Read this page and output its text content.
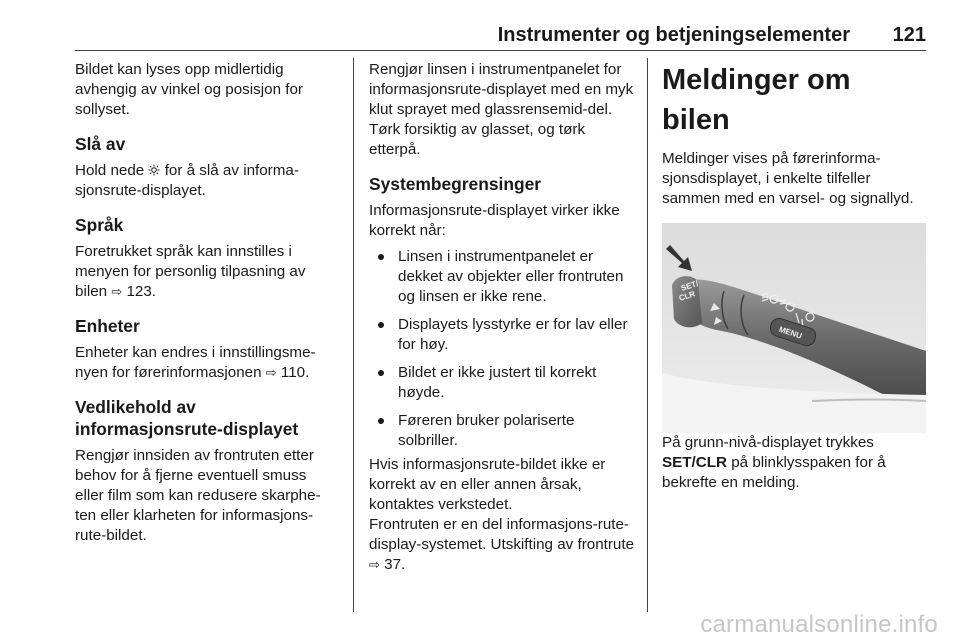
Instrumenter og betjeningselementer	121

Bildet kan lyses opp midlertidig avhengig av vinkel og posisjon for sollyset.

Slå av

Hold nede  for å slå av informa-sjonsrute-displayet.

Språk

Foretrukket språk kan innstilles i menyen for personlig tilpasning av bilen ⇨ 123.

Enheter

Enheter kan endres i innstillingsme-nyen for førerinformasjonen ⇨ 110.

Vedlikehold av informasjonsrute-displayet

Rengjør innsiden av frontruten etter behov for å fjerne eventuell smuss eller film som kan redusere skarphe-ten eller klarheten for informasjons-rute-bildet.

Rengjør linsen i instrumentpanelet for informasjonsrute-displayet med en myk klut sprayet med glassrensemid-del. Tørk forsiktig av glasset, og tørk etterpå.

Systembegrensinger

Informasjonsrute-displayet virker ikke korrekt når:

Linsen i instrumentpanelet er dekket av objekter eller frontruten og linsen er ikke rene.
Displayets lysstyrke er for lav eller for høy.
Bildet er ikke justert til korrekt høyde.
Føreren bruker polariserte solbriller.

Hvis informasjonsrute-bildet ikke er korrekt av en eller annen årsak, kontaktes verkstedet.

Frontruten er en del informasjons-rute-display-systemet. Utskifting av frontrute ⇨ 37.

Meldinger om bilen

Meldinger vises på førerinforma-sjonsdisplayet, i enkelte tilfeller sammen med en varsel- og signallyd.

SET/
CLR
MENU

På grunn-nivå-displayet trykkes SET/CLR på blinklysspaken for å bekrefte en melding.

carmanualsonline.info
